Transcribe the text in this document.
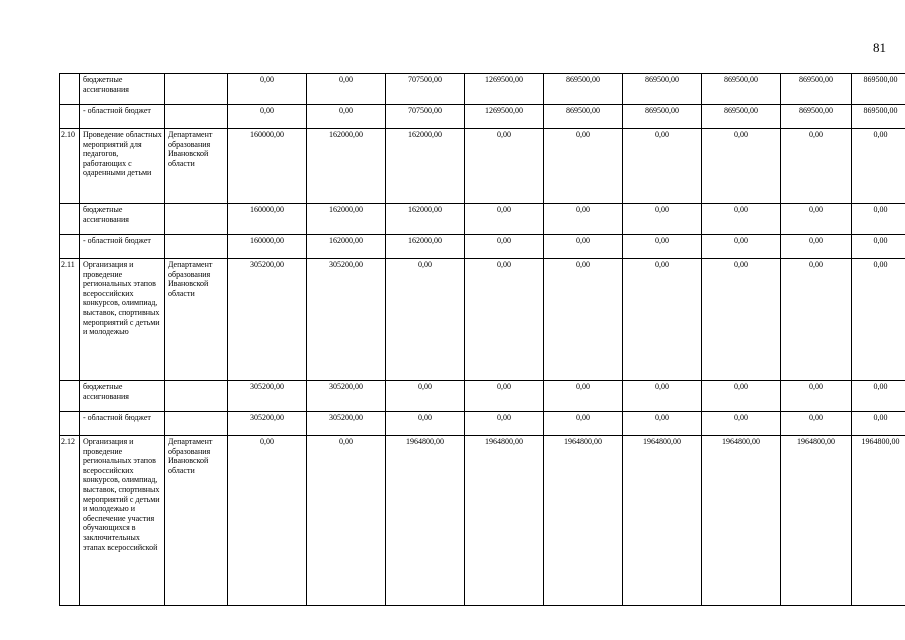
81
	бюджетные ассигнования		0,00	0,00	707500,00	1269500,00	869500,00	869500,00	869500,00	869500,00	869500,00
	- областной бюджет		0,00	0,00	707500,00	1269500,00	869500,00	869500,00	869500,00	869500,00	869500,00
2.10	Проведение областных мероприятий для педагогов, работающих с одаренными детьми	Департамент образования Ивановской области	160000,00	162000,00	162000,00	0,00	0,00	0,00	0,00	0,00	0,00
	бюджетные ассигнования		160000,00	162000,00	162000,00	0,00	0,00	0,00	0,00	0,00	0,00
	- областной бюджет		160000,00	162000,00	162000,00	0,00	0,00	0,00	0,00	0,00	0,00
2.11	Организация и проведение региональных этапов всероссийских конкурсов, олимпиад, выставок, спортивных мероприятий с детьми и молодежью	Департамент образования Ивановской области	305200,00	305200,00	0,00	0,00	0,00	0,00	0,00	0,00	0,00
	бюджетные ассигнования		305200,00	305200,00	0,00	0,00	0,00	0,00	0,00	0,00	0,00
	- областной бюджет		305200,00	305200,00	0,00	0,00	0,00	0,00	0,00	0,00	0,00
2.12	Организация и проведение региональных этапов всероссийских конкурсов, олимпиад, выставок, спортивных мероприятий с детьми и молодежью и обеспечение участия обучающихся в заключительных этапах всероссийской	Департамент образования Ивановской области	0,00	0,00	1964800,00	1964800,00	1964800,00	1964800,00	1964800,00	1964800,00	1964800,00
